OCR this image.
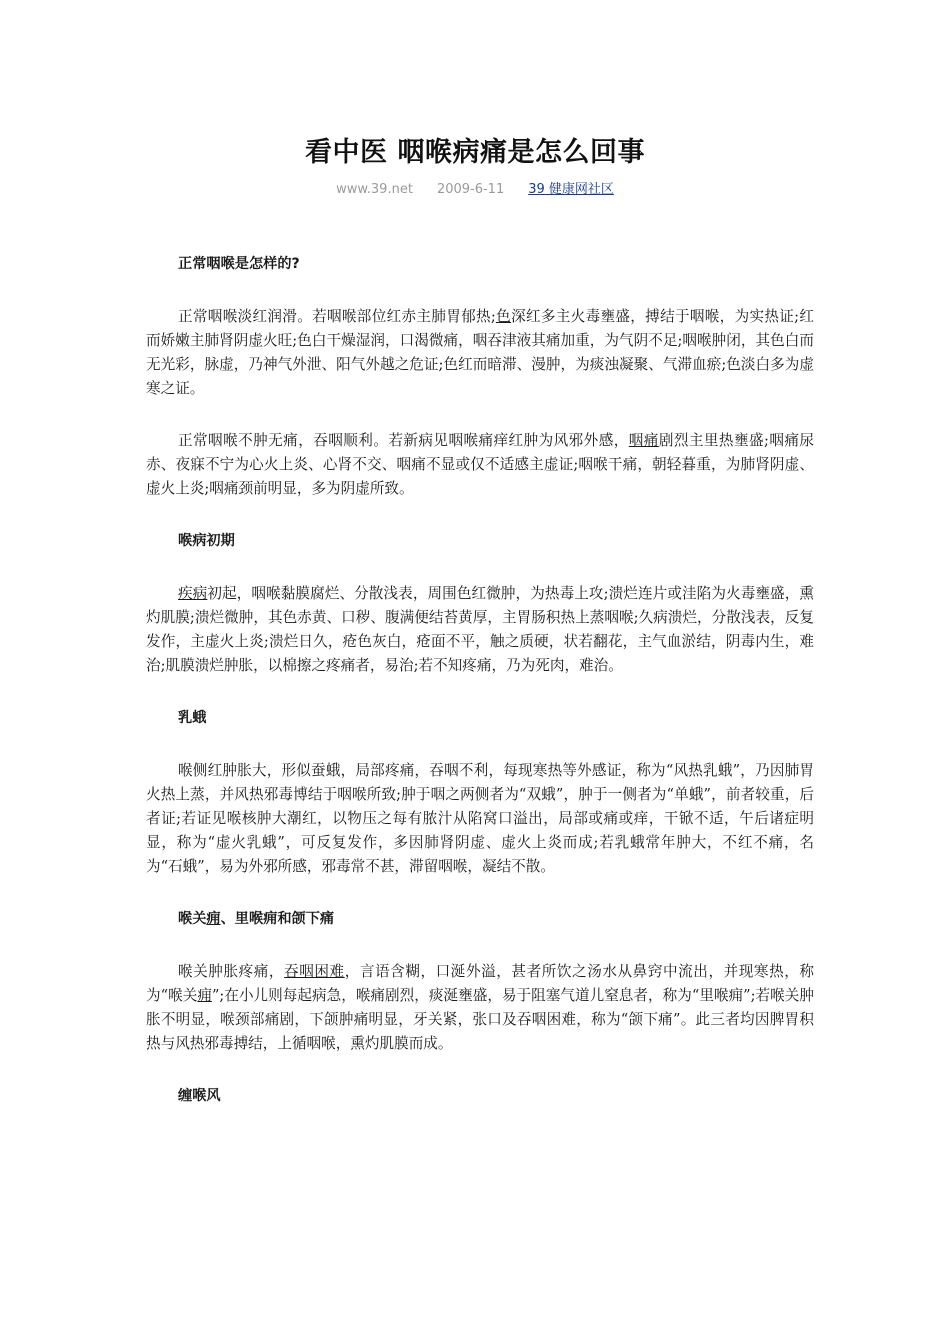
看中医 咽喉病痛是怎么回事
www.39.net 2009-6-11 39 健康网社区
正常咽喉是怎样的?
正常咽喉淡红润滑。若咽喉部位红赤主肺胃郁热;色深红多主火毒壅盛，搏结于咽喉，为实热证;红而娇嫩主肺肾阴虚火旺;色白干燥湿润，口渴微痛，咽吞津液其痛加重，为气阴不足;咽喉肿闭，其色白而无光彩，脉虚，乃神气外泄、阳气外越之危证;色红而暗滞、漫肿，为痰浊凝聚、气滞血瘀;色淡白多为虚寒之证。
正常咽喉不肿无痛，吞咽顺利。若新病见咽喉痛痒红肿为风邪外感，咽痛剧烈主里热壅盛;咽痛尿赤、夜寐不宁为心火上炎、心肾不交、咽痛不显或仅不适感主虚证;咽喉干痛，朝轻暮重，为肺肾阴虚、虚火上炎;咽痛颈前明显，多为阴虚所致。
喉病初期
疾病初起，咽喉黏膜腐烂、分散浅表，周围色红微肿，为热毒上攻;溃烂连片或洼陷为火毒壅盛，熏灼肌膜;溃烂微肿，其色赤黄、口秽、腹满便结苔黄厚，主胃肠积热上蒸咽喉;久病溃烂，分散浅表，反复发作，主虚火上炎;溃烂日久，疮色灰白，疮面不平，触之质硬，状若翻花，主气血淤结，阴毒内生，难治;肌膜溃烂肿胀，以棉擦之疼痛者，易治;若不知疼痛，乃为死肉，难治。
乳蛾
喉侧红肿胀大，形似蚕蛾，局部疼痛，吞咽不利，每现寒热等外感证，称为“风热乳蛾”，乃因肺胃火热上蒸，并风热邪毒博结于咽喉所致;肿于咽之两侧者为“双蛾”，肿于一侧者为“单蛾”，前者较重，后者证;若证见喉核肿大潮红，以物压之每有脓汁从陷窝口溢出，局部或痛或痒，干锨不适，午后诸症明显，称为“虚火乳蛾”，可反复发作，多因肺肾阴虚、虚火上炎而成;若乳蛾常年肿大，不红不痛，名为“石蛾”，易为外邪所感，邪毒常不甚，滞留咽喉，凝结不散。
喉关痈、里喉痈和颌下痛
喉关肿胀疼痛，吞咽困难，言语含糊，口涎外溢，甚者所饮之汤水从鼻窍中流出，并现寒热，称为“喉关痈”;在小儿则每起病急，喉痛剧烈，痰涎壅盛，易于阻塞气道儿窒息者，称为“里喉痈”;若喉关肿胀不明显，喉颈部痛剧，下颌肿痛明显，牙关紧，张口及吞咽困难，称为“颌下痛”。此三者均因脾胃积热与风热邪毒搏结，上循咽喉，熏灼肌膜而成。
缠喉风
